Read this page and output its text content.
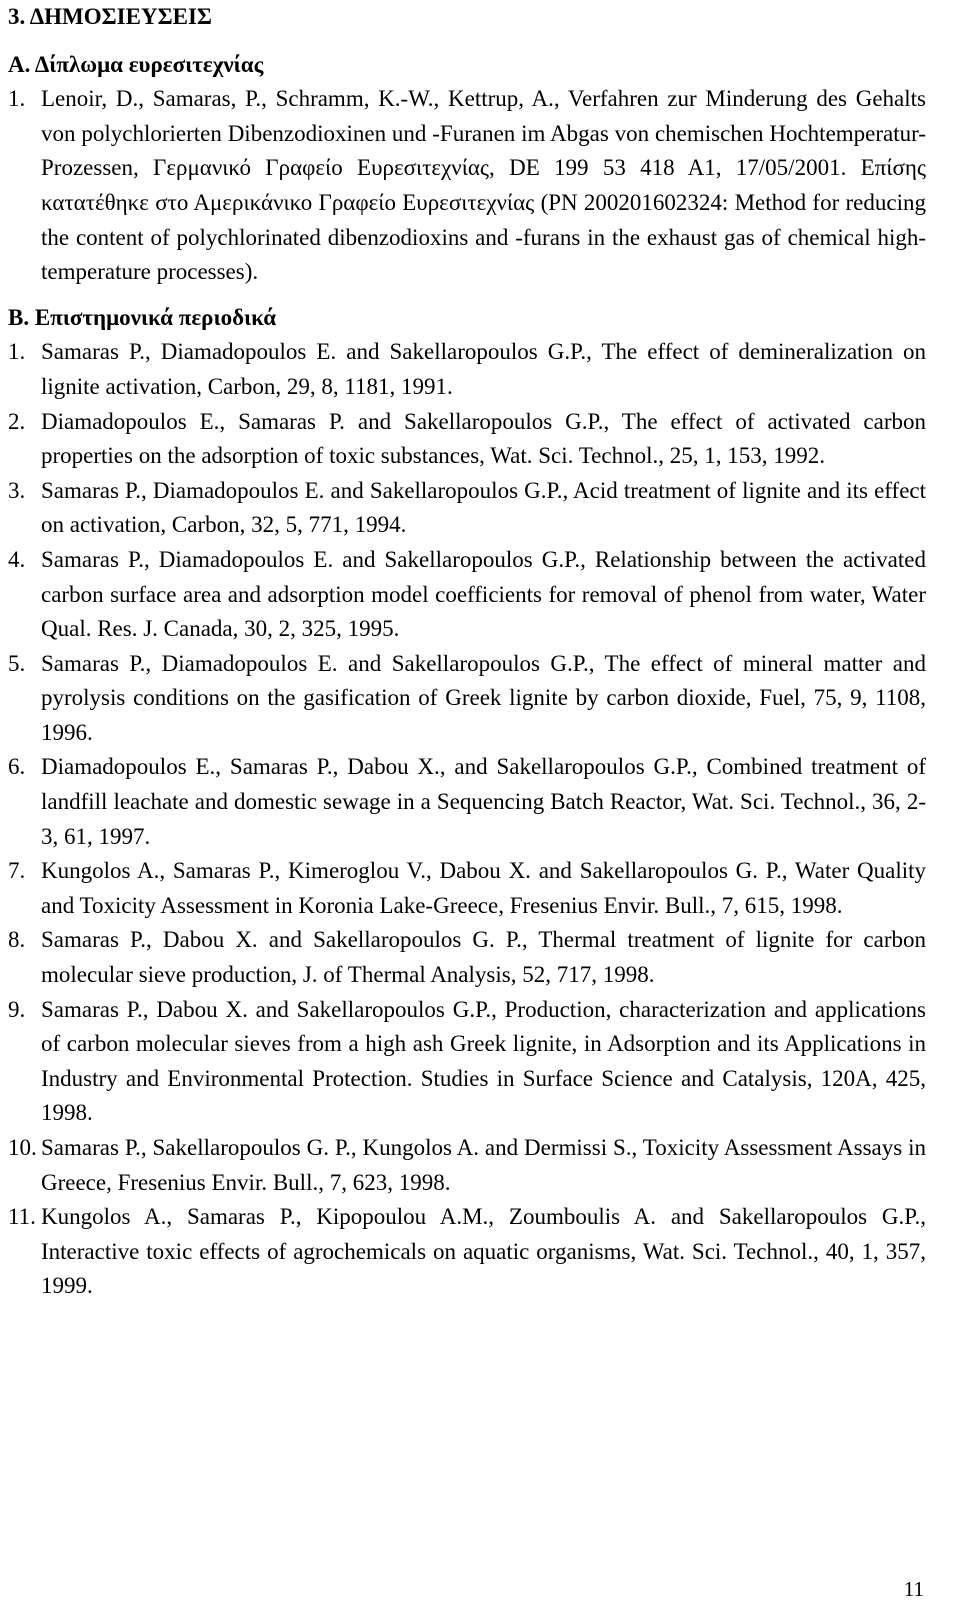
3. ΔΗΜΟΣΙΕΥΣΕΙΣ
Α. Δίπλωμα ευρεσιτεχνίας
1. Lenoir, D., Samaras, P., Schramm, K.-W., Kettrup, A., Verfahren zur Minderung des Gehalts von polychlorierten Dibenzodioxinen und -Furanen im Abgas von chemischen Hochtemperatur-Prozessen, Γερμανικό Γραφείο Ευρεσιτεχνίας, DE 199 53 418 A1, 17/05/2001. Επίσης κατατέθηκε στο Αμερικάνικο Γραφείο Ευρεσιτεχνίας (PN 200201602324: Method for reducing the content of polychlorinated dibenzodioxins and -furans in the exhaust gas of chemical high-temperature processes).
Β. Επιστημονικά περιοδικά
1. Samaras P., Diamadopoulos E. and Sakellaropoulos G.P., The effect of demineralization on lignite activation, Carbon, 29, 8, 1181, 1991.
2. Diamadopoulos E., Samaras P. and Sakellaropoulos G.P., The effect of activated carbon properties on the adsorption of toxic substances, Wat. Sci. Technol., 25, 1, 153, 1992.
3. Samaras P., Diamadopoulos E. and Sakellaropoulos G.P., Acid treatment of lignite and its effect on activation, Carbon, 32, 5, 771, 1994.
4. Samaras P., Diamadopoulos E. and Sakellaropoulos G.P., Relationship between the activated carbon surface area and adsorption model coefficients for removal of phenol from water, Water Qual. Res. J. Canada, 30, 2, 325, 1995.
5. Samaras P., Diamadopoulos E. and Sakellaropoulos G.P., The effect of mineral matter and pyrolysis conditions on the gasification of Greek lignite by carbon dioxide, Fuel, 75, 9, 1108, 1996.
6. Diamadopoulos E., Samaras P., Dabou X., and Sakellaropoulos G.P., Combined treatment of landfill leachate and domestic sewage in a Sequencing Batch Reactor, Wat. Sci. Technol., 36, 2-3, 61, 1997.
7. Kungolos A., Samaras P., Kimeroglou V., Dabou X. and Sakellaropoulos G. P., Water Quality and Toxicity Assessment in Koronia Lake-Greece, Fresenius Envir. Bull., 7, 615, 1998.
8. Samaras P., Dabou X. and Sakellaropoulos G. P., Thermal treatment of lignite for carbon molecular sieve production, J. of Thermal Analysis, 52, 717, 1998.
9. Samaras P., Dabou X. and Sakellaropoulos G.P., Production, characterization and applications of carbon molecular sieves from a high ash Greek lignite, in Adsorption and its Applications in Industry and Environmental Protection. Studies in Surface Science and Catalysis, 120A, 425, 1998.
10. Samaras P., Sakellaropoulos G. P., Kungolos A. and Dermissi S., Toxicity Assessment Assays in Greece, Fresenius Envir. Bull., 7, 623, 1998.
11. Kungolos A., Samaras P., Kipopoulou A.M., Zoumboulis A. and Sakellaropoulos G.P., Interactive toxic effects of agrochemicals on aquatic organisms, Wat. Sci. Technol., 40, 1, 357, 1999.
11
